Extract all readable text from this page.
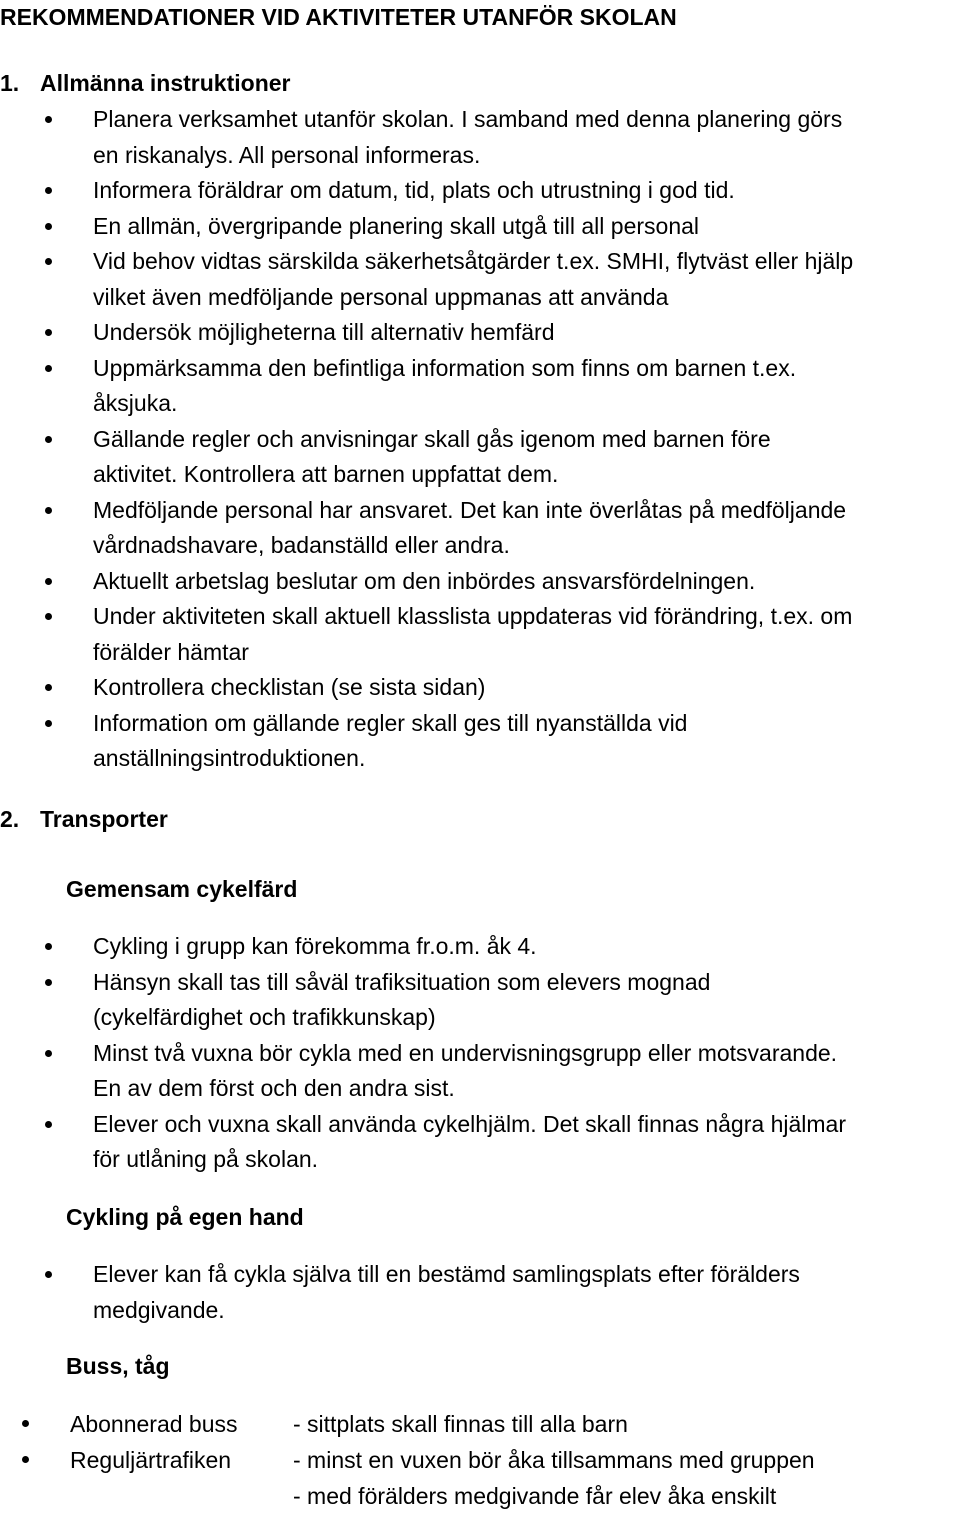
REKOMMENDATIONER VID AKTIVITETER UTANFÖR SKOLAN
1. Allmänna instruktioner
Planera verksamhet utanför skolan. I samband med denna planering görs
en riskanalys. All personal informeras.
Informera föräldrar om datum, tid, plats och utrustning i god tid.
En allmän, övergripande planering skall utgå till all personal
Vid behov vidtas särskilda säkerhetsåtgärder t.ex. SMHI, flytväst eller hjälp
vilket även medföljande personal uppmanas att använda
Undersök möjligheterna till alternativ hemfärd
Uppmärksamma den befintliga information som finns om barnen t.ex.
åksjuka.
Gällande regler och anvisningar skall gås igenom med barnen före
aktivitet. Kontrollera att barnen uppfattat dem.
Medföljande personal har ansvaret. Det kan inte överlåtas på medföljande
vårdnadshavare, badanställd eller andra.
Aktuellt arbetslag beslutar om den inbördes ansvarsfördelningen.
Under aktiviteten skall aktuell klasslista uppdateras vid förändring, t.ex. om
förälder hämtar
Kontrollera checklistan (se sista sidan)
Information om gällande regler skall ges till nyanställda vid
anställningsintroduktionen.
2. Transporter
Gemensam cykelfärd
Cykling i grupp kan förekomma fr.o.m. åk 4.
Hänsyn skall tas till såväl trafiksituation som elevers mognad
(cykelfärdighet och trafikkunskap)
Minst två vuxna bör cykla med en undervisningsgrupp eller motsvarande.
En av dem först och den andra sist.
Elever och vuxna skall använda cykelhjälm. Det skall finnas några hjälmar
för utlåning på skolan.
Cykling på egen hand
Elever kan få cykla själva till en bestämd samlingsplats efter förälders
medgivande.
Buss, tåg
Abonnerad buss - sittplats skall finnas till alla barn
Reguljärtrafiken	- minst en vuxen bör åka tillsammans med gruppen
- med förälders medgivande får elev åka enskilt
